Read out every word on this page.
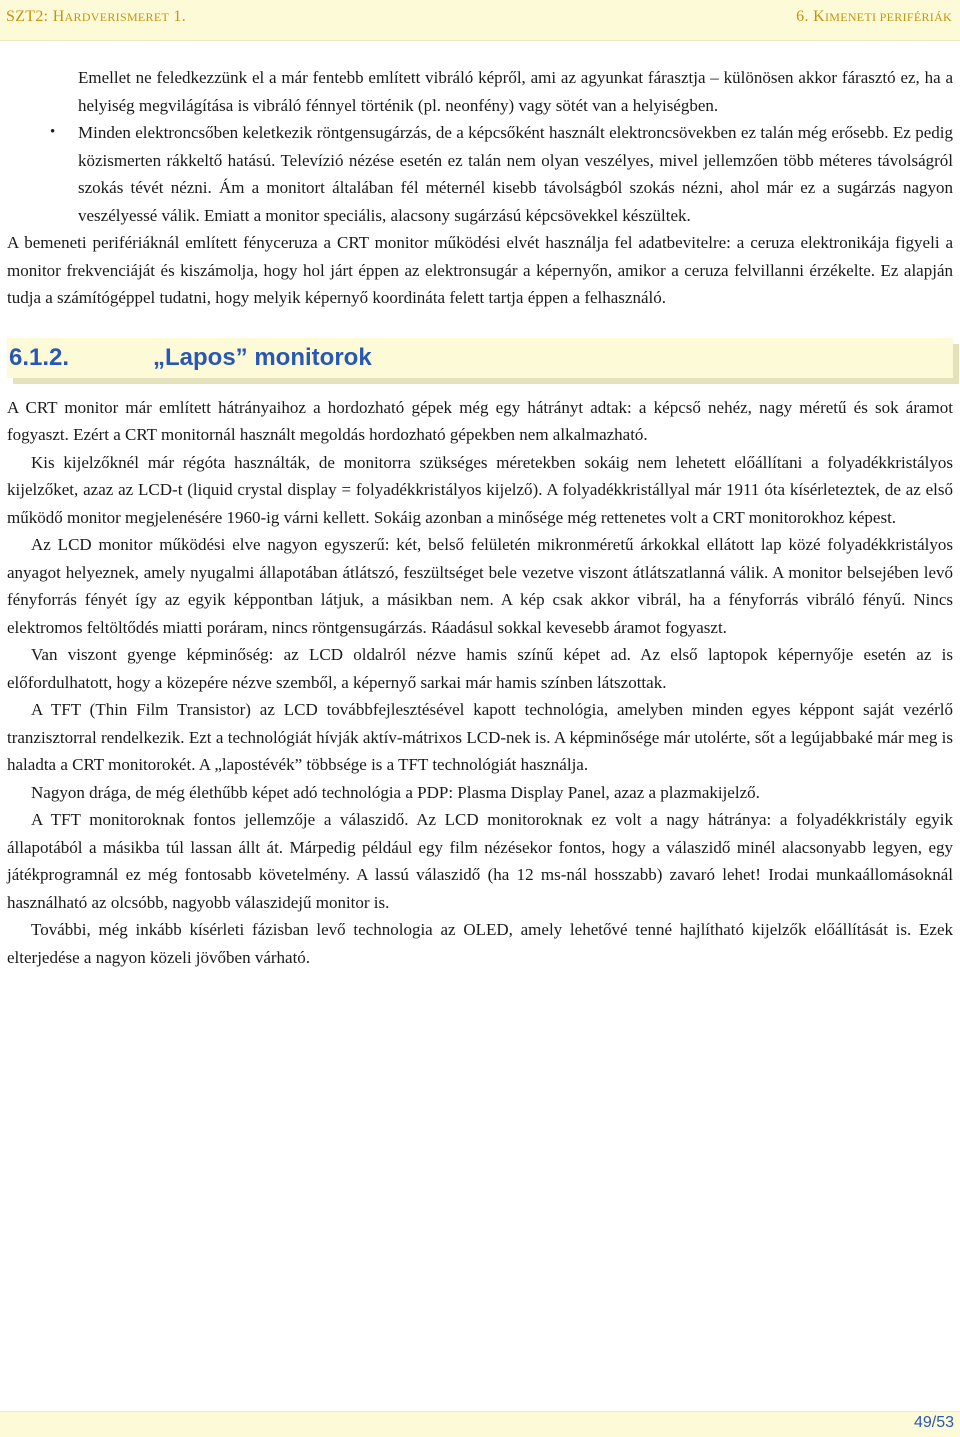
SZT2: HARDVERISMERET 1.	6. KIMENETI PERIFÉRIÁK

Emellet ne feledkezzünk el a már fentebb említett vibráló képről, ami az agyunkat fárasztja – különösen akkor fárasztó ez, ha a helyiség megvilágítása is vibráló fénnyel történik (pl. neonfény) vagy sötét van a helyiségben.

• Minden elektroncsőben keletkezik röntgensugárzás, de a képcsőként használt elektroncsövekben ez talán még erősebb. Ez pedig közismerten rákkeltő hatású. Televízió nézése esetén ez talán nem olyan veszélyes, mivel jellemzően több méteres távolságról szokás tévét nézni. Ám a monitort általában fél méternél kisebb távolságból szokás nézni, ahol már ez a sugárzás nagyon veszélyessé válik. Emiatt a monitor speciális, alacsony sugárzású képcsövekkel készültek.

A bemeneti perifériáknál említett fényceruza a CRT monitor működési elvét használja fel adatbevitelre: a ceruza elektronikája figyeli a monitor frekvenciáját és kiszámolja, hogy hol járt éppen az elektronsugár a képernyőn, amikor a ceruza felvillanni érzékelte. Ez alapján tudja a számítógéppel tudatni, hogy melyik képernyő koordináta felett tartja éppen a felhasználó.

6.1.2.	„Lapos” monitorok

A CRT monitor már említett hátrányaihoz a hordozható gépek még egy hátrányt adtak: a képcső nehéz, nagy méretű és sok áramot fogyaszt. Ezért a CRT monitornál használt megoldás hordozható gépekben nem alkalmazható.

Kis kijelzőknél már régóta használták, de monitorra szükséges méretekben sokáig nem lehetett előállítani a folyadékkristályos kijelzőket, azaz az LCD-t (liquid crystal display = folyadékkristályos kijelző). A folyadékkristállyal már 1911 óta kísérleteztek, de az első működő monitor megjelenésére 1960-ig várni kellett. Sokáig azonban a minősége még rettenetes volt a CRT monitorokhoz képest.

Az LCD monitor működési elve nagyon egyszerű: két, belső felületén mikronméretű árkokkal ellátott lap közé folyadékkristályos anyagot helyeznek, amely nyugalmi állapotában átlátszó, feszültséget bele vezetve viszont átlátszatlanná válik. A monitor belsejében levő fényforrás fényét így az egyik képpontban látjuk, a másikban nem. A kép csak akkor vibrál, ha a fényforrás vibráló fényű. Nincs elektromos feltöltődés miatti poráram, nincs röntgensugárzás. Ráadásul sokkal kevesebb áramot fogyaszt.

Van viszont gyenge képminőség: az LCD oldalról nézve hamis színű képet ad. Az első laptopok képernyője esetén az is előfordulhatott, hogy a közepére nézve szemből, a képernyő sarkai már hamis színben látszottak.

A TFT (Thin Film Transistor) az LCD továbbfejlesztésével kapott technológia, amelyben minden egyes képpont saját vezérlő tranzisztorral rendelkezik. Ezt a technológiát hívják aktív-mátrixos LCD-nek is. A képminősége már utolérte, sőt a legújabbaké már meg is haladta a CRT monitorokét. A „lapostévék” többsége is a TFT technológiát használja.

Nagyon drága, de még élethűbb képet adó technológia a PDP: Plasma Display Panel, azaz a plazmakijelző.

A TFT monitoroknak fontos jellemzője a válaszidő. Az LCD monitoroknak ez volt a nagy hátránya: a folyadékkristály egyik állapotából a másikba túl lassan állt át. Márpedig például egy film nézésekor fontos, hogy a válaszidő minél alacsonyabb legyen, egy játékprogramnál ez még fontosabb követelmény. A lassú válaszidő (ha 12 ms-nál hosszabb) zavaró lehet! Irodai munkaállomásoknál használható az olcsóbb, nagyobb válaszidejű monitor is.

További, még inkább kísérleti fázisban levő technologia az OLED, amely lehetővé tenné hajlítható kijelzők előállítását is. Ezek elterjedése a nagyon közeli jövőben várható.

49/53
